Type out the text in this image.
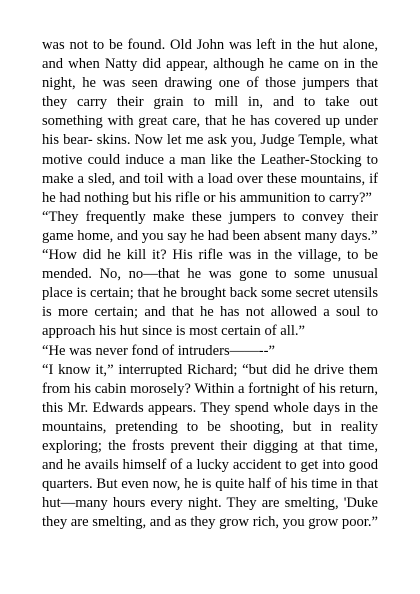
was not to be found. Old John was left in the hut alone, and when Natty did appear, although he came on in the night, he was seen drawing one of those jumpers that they carry their grain to mill in, and to take out something with great care, that he has covered up under his bear- skins. Now let me ask you, Judge Temple, what motive could induce a man like the Leather-Stocking to make a sled, and toil with a load over these mountains, if he had nothing but his rifle or his ammunition to carry?”

“They frequently make these jumpers to convey their game home, and you say he had been absent many days.”

“How did he kill it? His rifle was in the village, to be mended. No, no—that he was gone to some unusual place is certain; that he brought back some secret utensils is more certain; and that he has not allowed a soul to approach his hut since is most certain of all.”

“He was never fond of intruders——--”

“I know it,” interrupted Richard; “but did he drive them from his cabin morosely? Within a fortnight of his return, this Mr. Edwards appears. They spend whole days in the mountains, pretending to be shooting, but in reality exploring; the frosts prevent their digging at that time, and he avails himself of a lucky accident to get into good quarters. But even now, he is quite half of his time in that hut—many hours every night. They are smelting, 'Duke they are smelting, and as they grow rich, you grow poor.”
